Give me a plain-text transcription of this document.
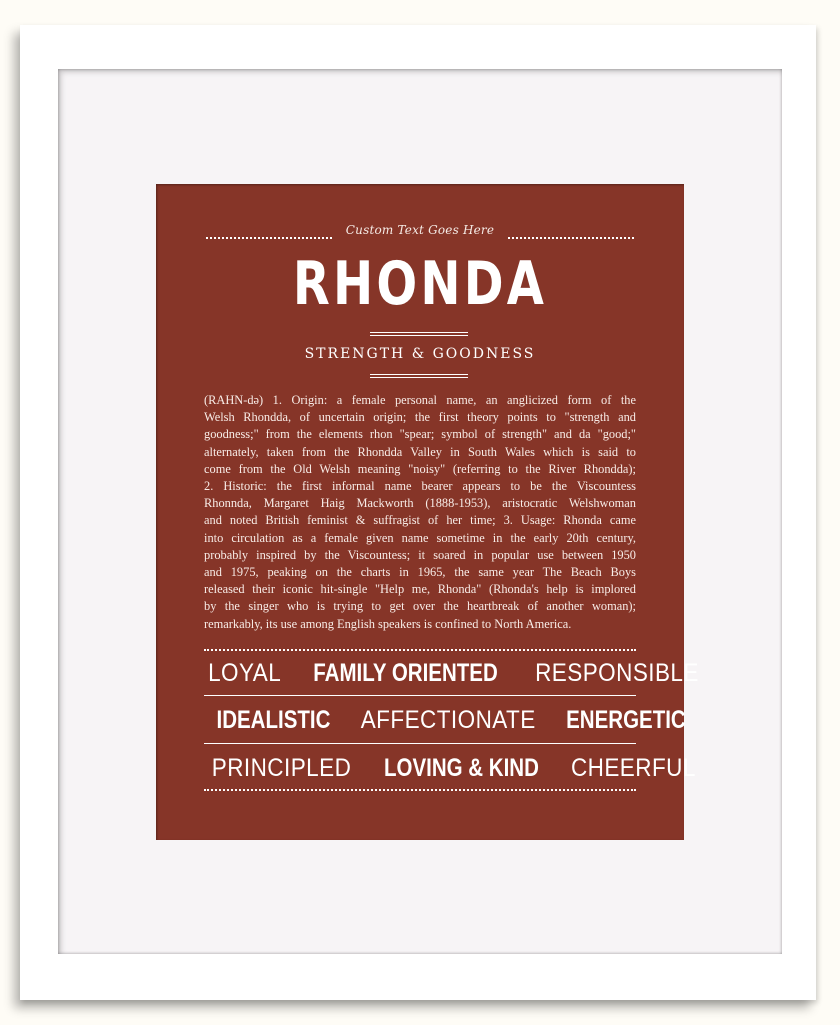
Custom Text Goes Here
RHONDA
STRENGTH & GOODNESS
(RAHN-də) 1. Origin: a female personal name, an anglicized form of the
Welsh Rhondda, of uncertain origin; the first theory points to "strength and
goodness;" from the elements rhon "spear; symbol of strength" and da "good;"
alternately, taken from the Rhondda Valley in South Wales which is said to
come from the Old Welsh meaning "noisy" (referring to the River Rhondda);
2. Historic: the first informal name bearer appears to be the Viscountess
Rhonnda, Margaret Haig Mackworth (1888-1953), aristocratic Welshwoman
and noted British feminist & suffragist of her time; 3. Usage: Rhonda came
into circulation as a female given name sometime in the early 20th century,
probably inspired by the Viscountess; it soared in popular use between 1950
and 1975, peaking on the charts in 1965, the same year The Beach Boys
released their iconic hit-single "Help me, Rhonda" (Rhonda's help is implored
by the singer who is trying to get over the heartbreak of another woman);
remarkably, its use among English speakers is confined to North America.
LOYAL FAMILY ORIENTED RESPONSIBLE
IDEALISTIC AFFECTIONATE ENERGETIC
PRINCIPLED LOVING & KIND CHEERFUL
